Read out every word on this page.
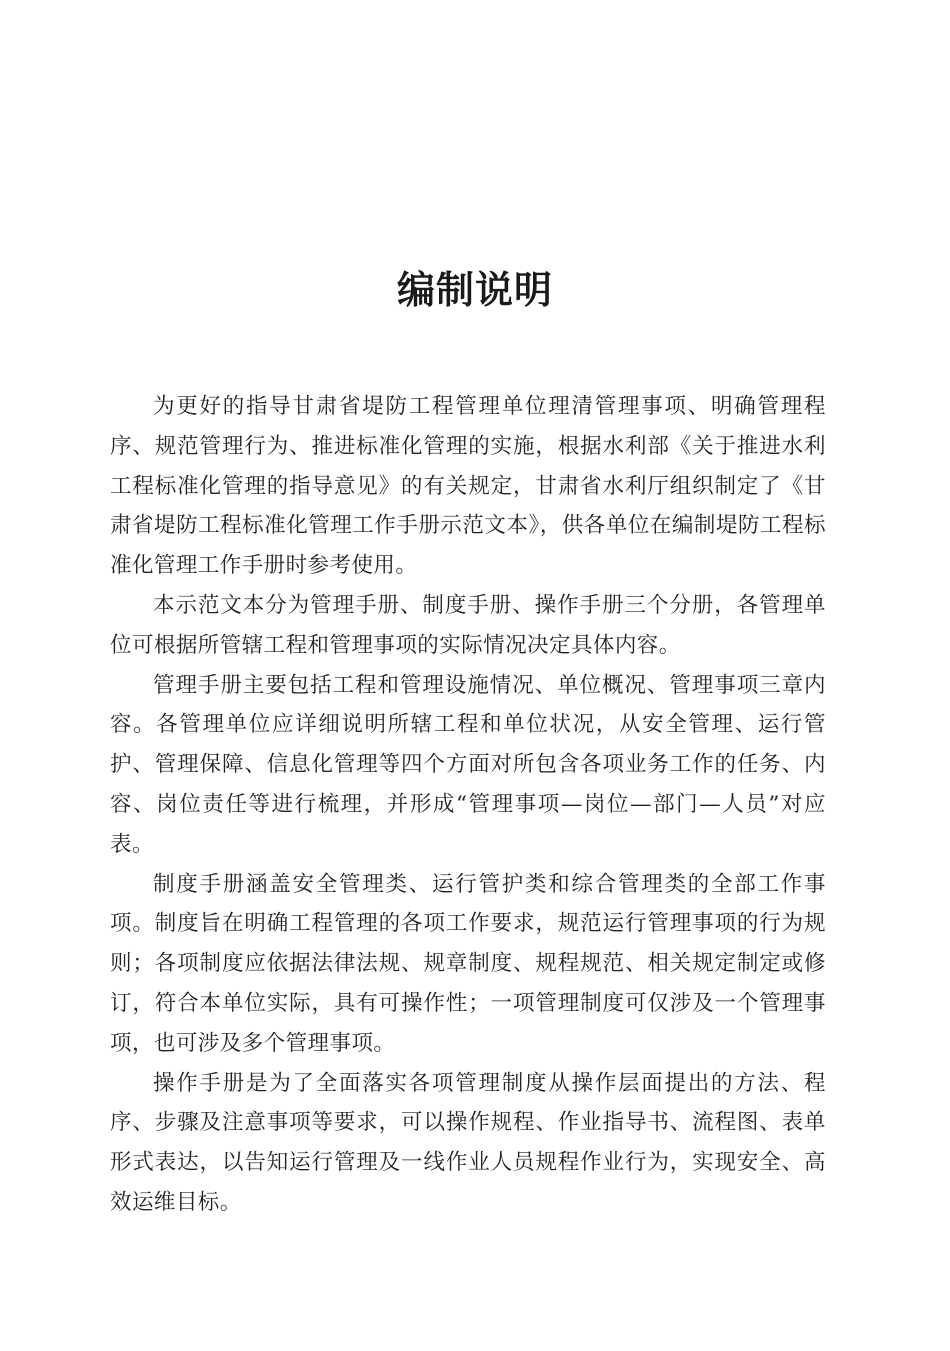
编制说明

为更好的指导甘肃省堤防工程管理单位理清管理事项、明确管理程序、规范管理行为、推进标准化管理的实施，根据水利部《关于推进水利工程标准化管理的指导意见》的有关规定，甘肃省水利厅组织制定了《甘肃省堤防工程标准化管理工作手册示范文本》，供各单位在编制堤防工程标准化管理工作手册时参考使用。

本示范文本分为管理手册、制度手册、操作手册三个分册，各管理单位可根据所管辖工程和管理事项的实际情况决定具体内容。

管理手册主要包括工程和管理设施情况、单位概况、管理事项三章内容。各管理单位应详细说明所辖工程和单位状况，从安全管理、运行管护、管理保障、信息化管理等四个方面对所包含各项业务工作的任务、内容、岗位责任等进行梳理，并形成“管理事项—岗位—部门—人员”对应表。

制度手册涵盖安全管理类、运行管护类和综合管理类的全部工作事项。制度旨在明确工程管理的各项工作要求，规范运行管理事项的行为规则；各项制度应依据法律法规、规章制度、规程规范、相关规定制定或修订，符合本单位实际，具有可操作性；一项管理制度可仅涉及一个管理事项，也可涉及多个管理事项。

操作手册是为了全面落实各项管理制度从操作层面提出的方法、程序、步骤及注意事项等要求，可以操作规程、作业指导书、流程图、表单形式表达，以告知运行管理及一线作业人员规程作业行为，实现安全、高效运维目标。
